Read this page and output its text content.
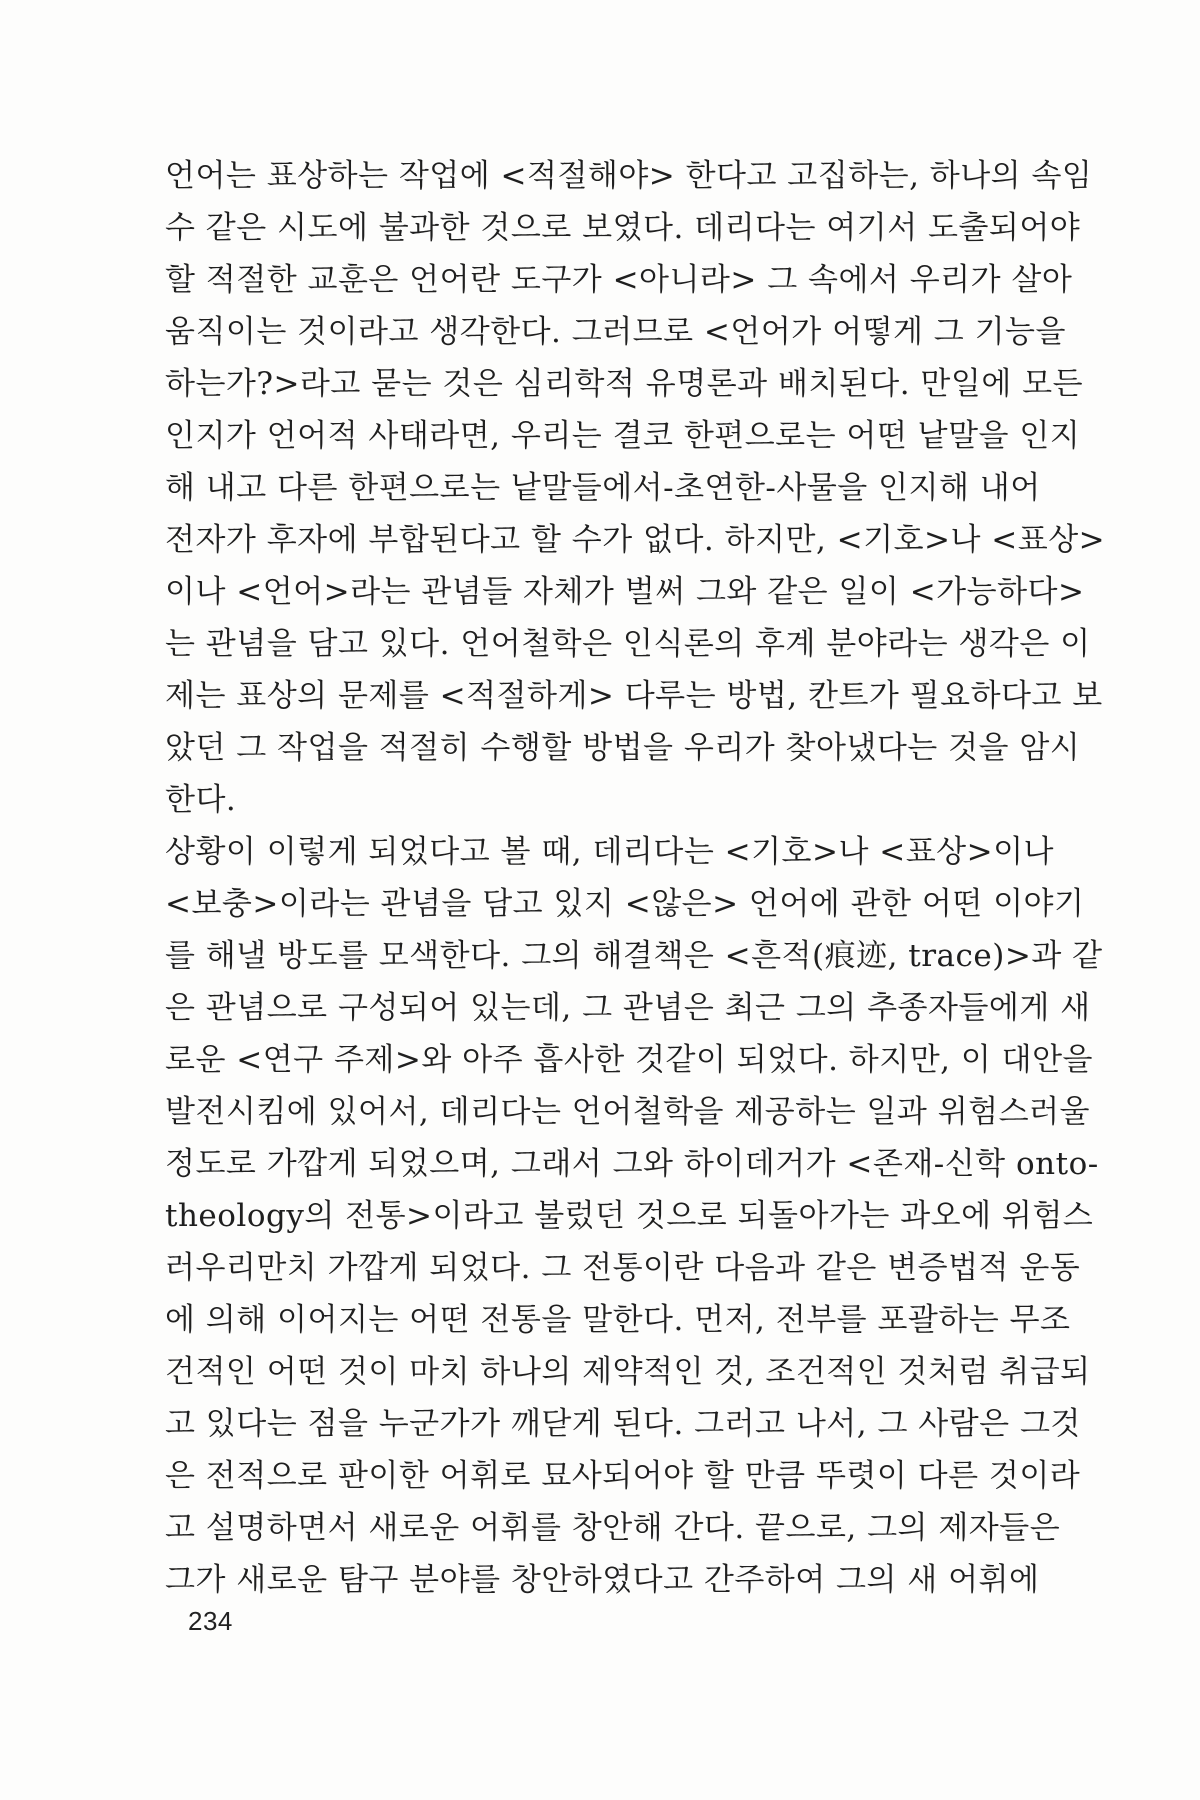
언어는 표상하는 작업에 <적절해야> 한다고 고집하는, 하나의 속임
수 같은 시도에 불과한 것으로 보였다. 데리다는 여기서 도출되어야
할 적절한 교훈은 언어란 도구가 <아니라> 그 속에서 우리가 살아
움직이는 것이라고 생각한다. 그러므로 <언어가 어떻게 그 기능을
하는가?>라고 묻는 것은 심리학적 유명론과 배치된다. 만일에 모든
인지가 언어적 사태라면, 우리는 결코 한편으로는 어떤 낱말을 인지
해 내고 다른 한편으로는 낱말들에서-초연한-사물을 인지해 내어
전자가 후자에 부합된다고 할 수가 없다. 하지만, <기호>나 <표상>
이나 <언어>라는 관념들 자체가 벌써 그와 같은 일이 <가능하다>
는 관념을 담고 있다. 언어철학은 인식론의 후계 분야라는 생각은 이
제는 표상의 문제를 <적절하게> 다루는 방법, 칸트가 필요하다고 보
았던 그 작업을 적절히 수행할 방법을 우리가 찾아냈다는 것을 암시
한다.
상황이 이렇게 되었다고 볼 때, 데리다는 <기호>나 <표상>이나
<보충>이라는 관념을 담고 있지 <않은> 언어에 관한 어떤 이야기
를 해낼 방도를 모색한다. 그의 해결책은 <흔적(痕迹, trace)>과 같
은 관념으로 구성되어 있는데, 그 관념은 최근 그의 추종자들에게 새
로운 <연구 주제>와 아주 흡사한 것같이 되었다. 하지만, 이 대안을
발전시킴에 있어서, 데리다는 언어철학을 제공하는 일과 위험스러울
정도로 가깝게 되었으며, 그래서 그와 하이데거가 <존재-신학 onto-
theology의 전통>이라고 불렀던 것으로 되돌아가는 과오에 위험스
러우리만치 가깝게 되었다. 그 전통이란 다음과 같은 변증법적 운동
에 의해 이어지는 어떤 전통을 말한다. 먼저, 전부를 포괄하는 무조
건적인 어떤 것이 마치 하나의 제약적인 것, 조건적인 것처럼 취급되
고 있다는 점을 누군가가 깨닫게 된다. 그러고 나서, 그 사람은 그것
은 전적으로 판이한 어휘로 묘사되어야 할 만큼 뚜렷이 다른 것이라
고 설명하면서 새로운 어휘를 창안해 간다. 끝으로, 그의 제자들은
그가 새로운 탐구 분야를 창안하였다고 간주하여 그의 새 어휘에
234
